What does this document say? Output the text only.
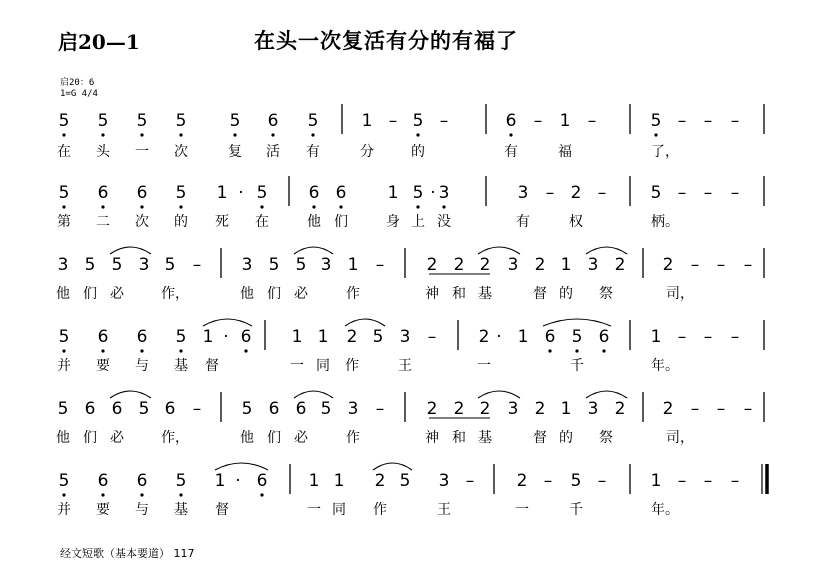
启20—1	在头一次复活有分的有福了
启20：6
1=G 4/4
5 5 5 5	5 6 5	1 – 5 –	6 – 1 –	5 – – –
在 头 一 次	复 活 有	分	的	有	福	了，
5 6 6 5 1 · 5 6 6 1 5 · 3	3 – 2 –	5 – – –
第 二 次 的 死 在	他 们	身 上 没	有	权	柄。
3 5 5 3 5 – 3 5 5 3 1 – 2 2 2 3 2 1 3 2 2 – – –
他 们 必	作，	他 们 必	作	神 和 基	督 的 祭	司，
5 6 6 5 1 · 6 1 1 2 5 3 – 2 · 1 6 5 6 1 – – –
并 要 与 基 督	一 同 作	王	一	千	年。
5 6 6 5 6 – 5 6 6 5 3 – 2 2 2 3 2 1 3 2 2 – – –
他 们 必	作，	他 们 必	作	神 和 基	督 的 祭	司，
5 6 6 5 1 · 6 1 1 2 5 3 – 2 – 5 –	1 – – –
并 要 与 基 督	一 同 作	王	一	千	年。
经文短歌（基本要道） 117
